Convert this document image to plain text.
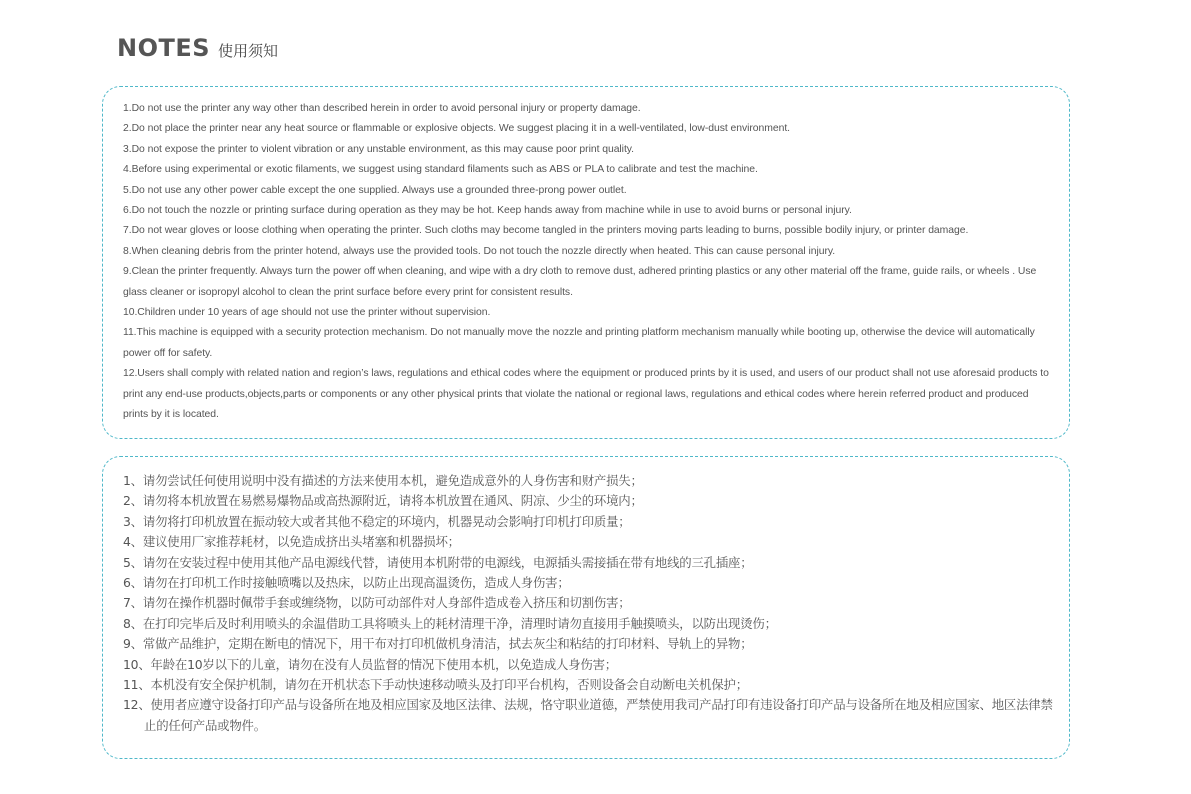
NOTES 使用须知
1.Do not use the printer any way other than described herein in order to avoid personal injury or property damage.
2.Do not place the printer near any heat source or flammable or explosive objects. We suggest placing it in a well-ventilated, low-dust environment.
3.Do not expose the printer to violent vibration or any unstable environment, as this may cause poor print quality.
4.Before using experimental or exotic filaments, we suggest using standard filaments such as ABS or PLA to calibrate and test the machine.
5.Do not use any other power cable except the one supplied. Always use a grounded three-prong power outlet.
6.Do not touch the nozzle or printing surface during operation as they may be hot. Keep hands away from machine while in use to avoid burns or personal injury.
7.Do not wear gloves or loose clothing when operating the printer. Such cloths may become tangled in the printers moving parts leading to burns, possible bodily injury, or printer damage.
8.When cleaning debris from the printer hotend, always use the provided tools. Do not touch the nozzle directly when heated. This can cause personal injury.
9.Clean the printer frequently. Always turn the power off when cleaning, and wipe with a dry cloth to remove dust, adhered printing plastics or any other material off the frame, guide rails, or wheels . Use glass cleaner or isopropyl alcohol to clean the print surface before every print for consistent results.
10.Children under 10 years of age should not use the printer without supervision.
11.This machine is equipped with a security protection mechanism. Do not manually move the nozzle and printing platform mechanism manually while booting up, otherwise the device will automatically power off for safety.
12.Users shall comply with related nation and region’s laws, regulations and ethical codes where the equipment or produced prints by it is used, and users of our product shall not use aforesaid products to print any end-use products,objects,parts or components or any other physical prints that violate the national or regional laws, regulations and ethical codes where herein referred product and produced prints by it is located.
1、请勿尝试任何使用说明中没有描述的方法来使用本机，避免造成意外的人身伤害和财产损失；
2、请勿将本机放置在易燃易爆物品或高热源附近，请将本机放置在通风、阴凉、少尘的环境内；
3、请勿将打印机放置在振动较大或者其他不稳定的环境内，机器晃动会影响打印机打印质量；
4、建议使用厂家推荐耗材，以免造成挤出头堵塞和机器损坏；
5、请勿在安装过程中使用其他产品电源线代替，请使用本机附带的电源线，电源插头需接插在带有地线的三孔插座；
6、请勿在打印机工作时接触喷嘴以及热床，以防止出现高温烫伤，造成人身伤害；
7、请勿在操作机器时佩带手套或缠绕物，以防可动部件对人身部件造成卷入挤压和切割伤害；
8、在打印完毕后及时利用喷头的余温借助工具将喷头上的耗材清理干净，清理时请勿直接用手触摸喷头，以防出现烫伤；
9、常做产品维护，定期在断电的情况下，用干布对打印机做机身清洁，拭去灰尘和粘结的打印材料、导轨上的异物；
10、年龄在10岁以下的儿童，请勿在没有人员监督的情况下使用本机，以免造成人身伤害；
11、本机没有安全保护机制，请勿在开机状态下手动快速移动喷头及打印平台机构，否则设备会自动断电关机保护；
12、使用者应遵守设备打印产品与设备所在地及相应国家及地区法律、法规，恪守职业道德，严禁使用我司产品打印有违设备打印产品与设备所在地及相应国家、地区法律禁止的任何产品或物件。
